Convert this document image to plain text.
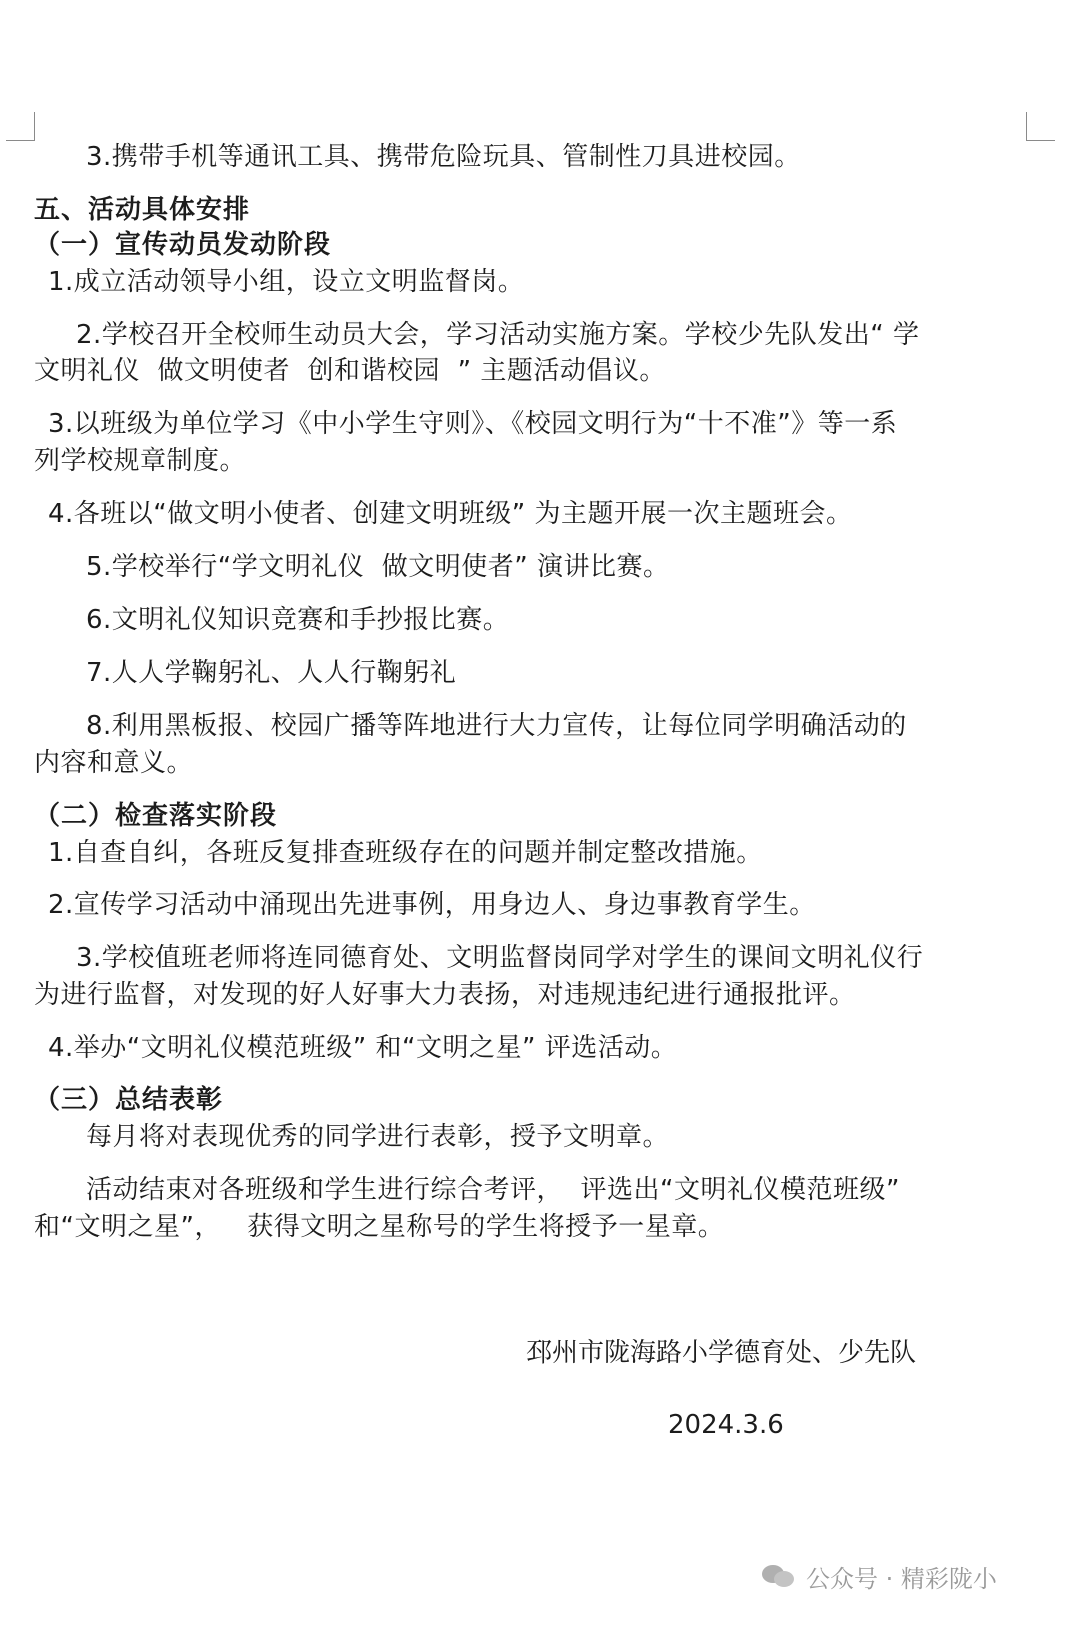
3.携带手机等通讯工具、携带危险玩具、管制性刀具进校园。
五、活动具体安排
（一）宣传动员发动阶段
1.成立活动领导小组，设立文明监督岗。
2.学校召开全校师生动员大会，学习活动实施方案。学校少先队发出“ 学
文明礼仪  做文明使者  创和谐校园  ” 主题活动倡议。
3.以班级为单位学习《中小学生守则》、《校园文明行为“十不准”》等一系
列学校规章制度。
4.各班以“做文明小使者、创建文明班级” 为主题开展一次主题班会。
5.学校举行“学文明礼仪  做文明使者” 演讲比赛。
6.文明礼仪知识竞赛和手抄报比赛。
7.人人学鞠躬礼、人人行鞠躬礼
8.利用黑板报、校园广播等阵地进行大力宣传，让每位同学明确活动的
内容和意义。
（二）检查落实阶段
1.自查自纠，各班反复排查班级存在的问题并制定整改措施。
2.宣传学习活动中涌现出先进事例，用身边人、身边事教育学生。
3.学校值班老师将连同德育处、文明监督岗同学对学生的课间文明礼仪行
为进行监督，对发现的好人好事大力表扬，对违规违纪进行通报批评。
4.举办“文明礼仪模范班级” 和“文明之星” 评选活动。
（三）总结表彰
每月将对表现优秀的同学进行表彰，授予文明章。
活动结束对各班级和学生进行综合考评，  评选出“文明礼仪模范班级”
和“文明之星”，   获得文明之星称号的学生将授予一星章。
邳州市陇海路小学德育处、少先队
2024.3.6

公众号 · 精彩陇小
